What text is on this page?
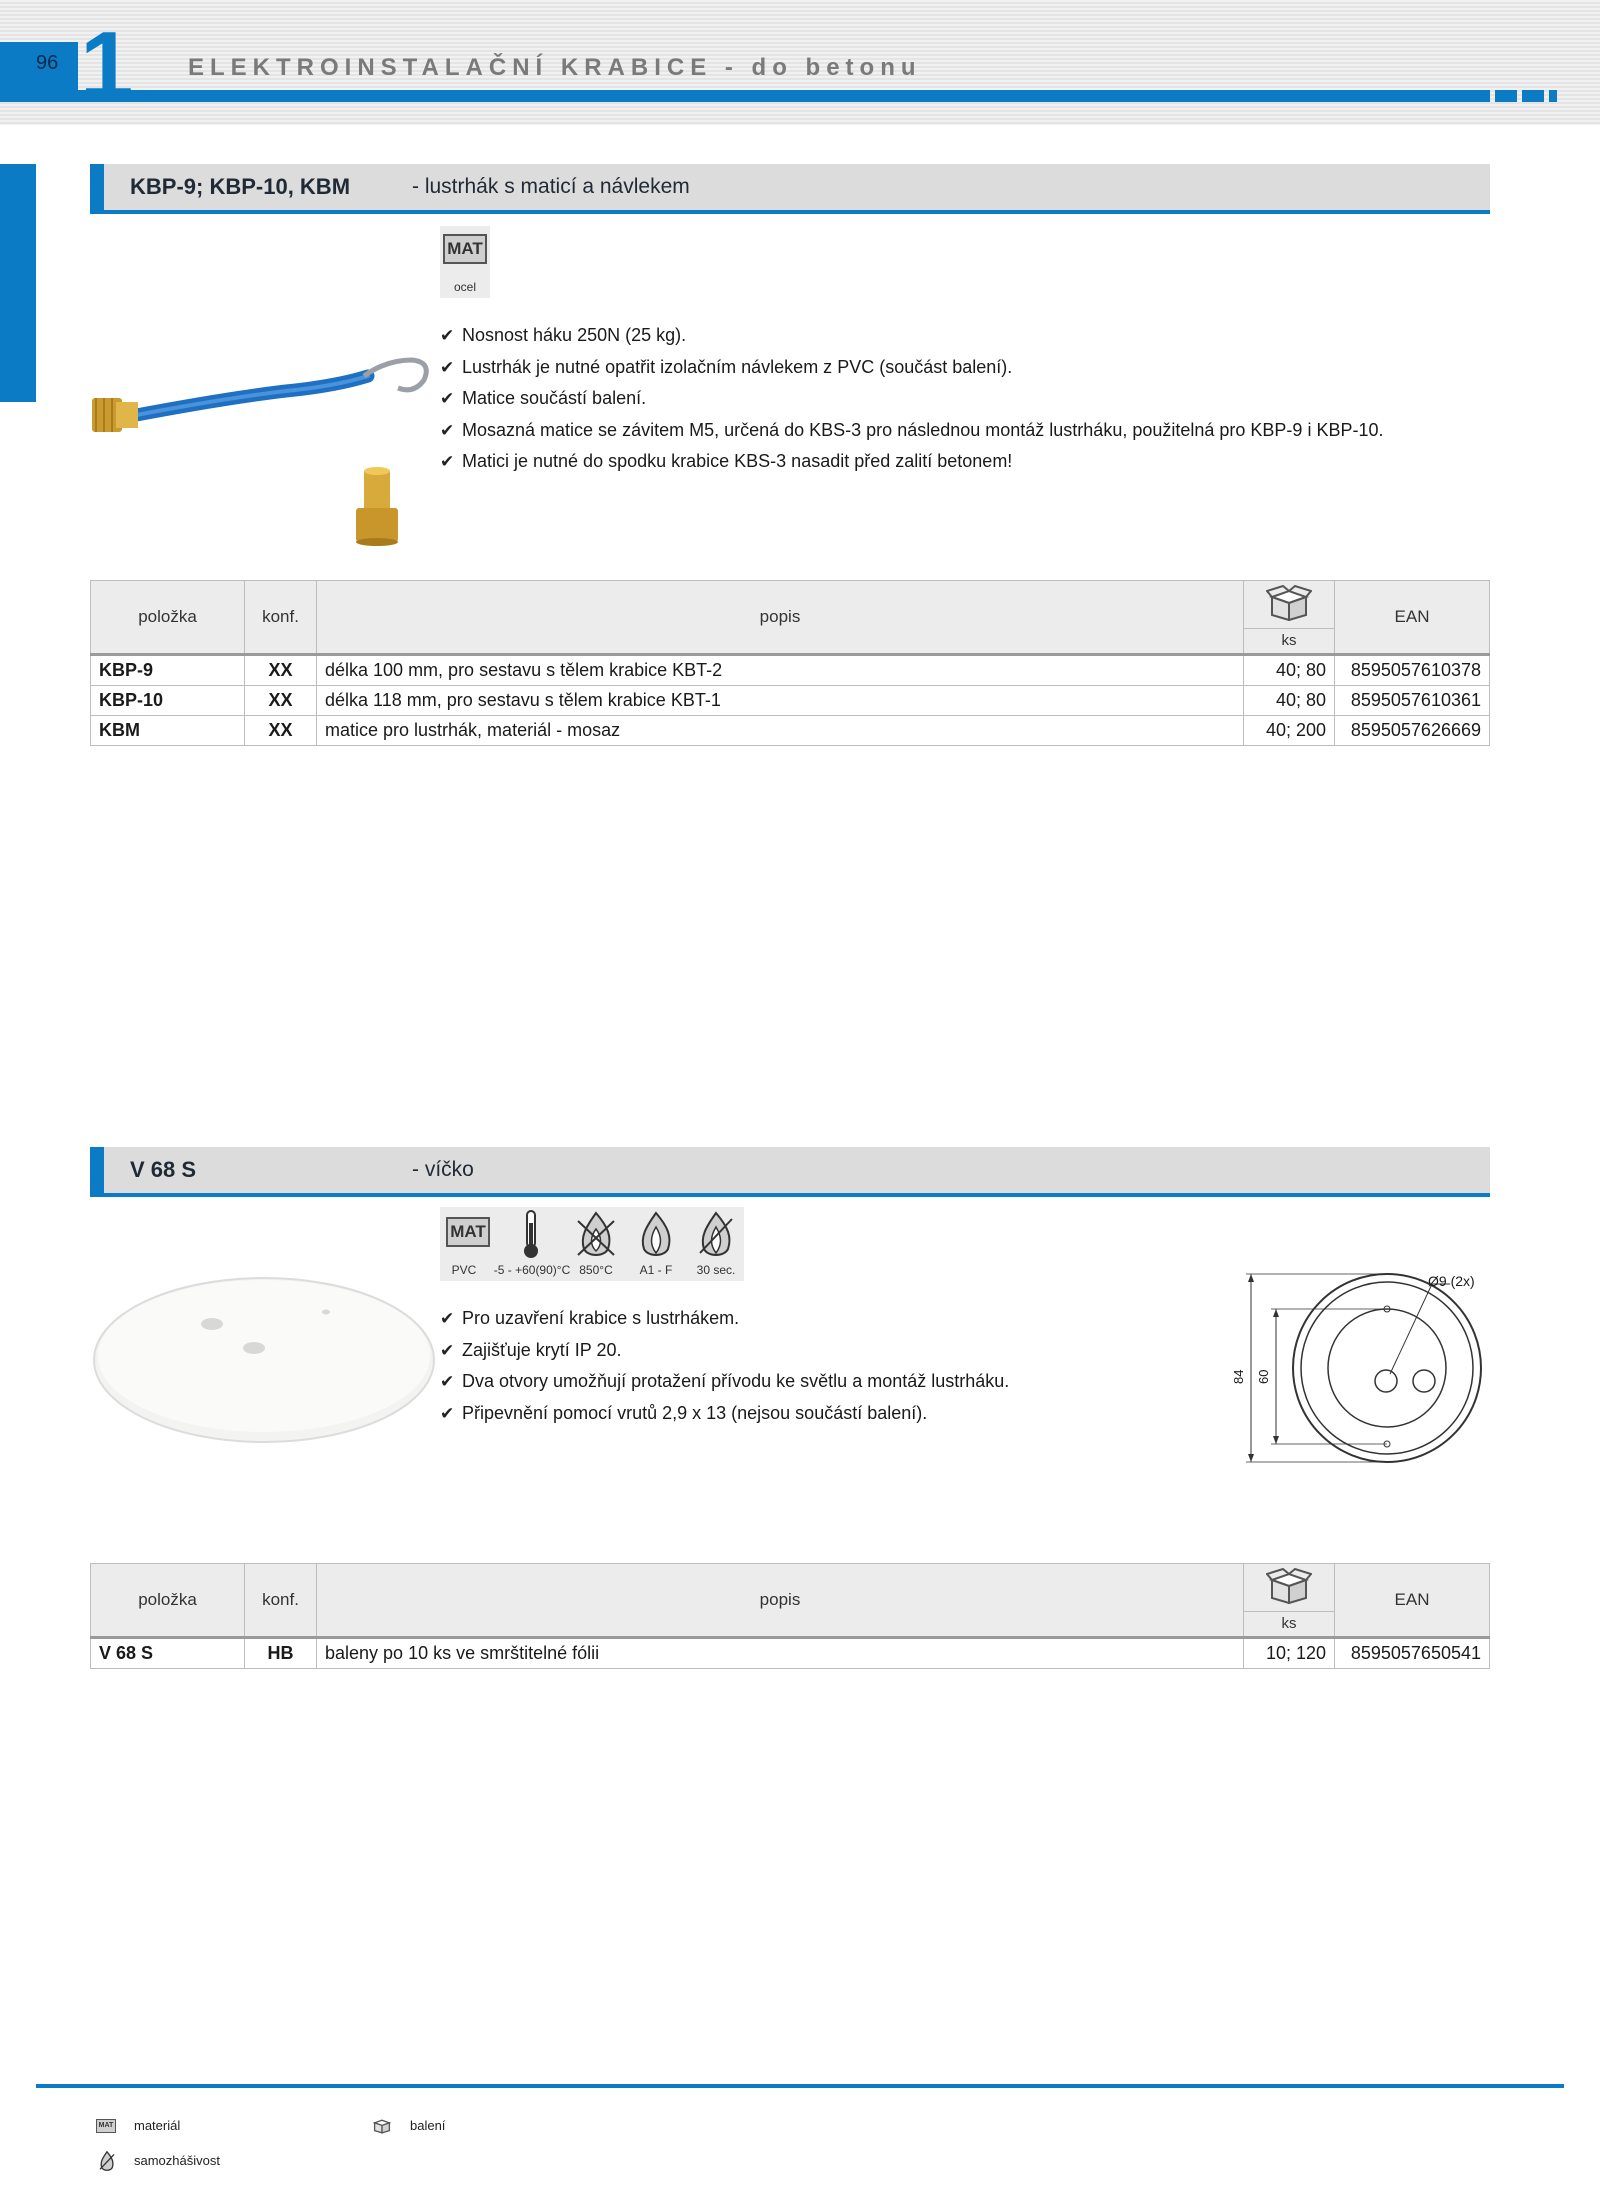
96 1 ELEKTROINSTALAČNÍ KRABICE - do betonu
KBP-9; KBP-10, KBM	- lustrhák s maticí a návlekem
MAT
ocel
✔ Nosnost háku 250N (25 kg).
✔ Lustrhák je nutné opatřit izolačním návlekem z PVC (součást balení).
✔ Matice součástí balení.
✔ Mosazná matice se závitem M5, určená do KBS-3 pro následnou montáž lustrháku, použitelná pro KBP-9 i KBP-10.
✔ Matici je nutné do spodku krabice KBS-3 nasadit před zalití betonem!
položka	konf.	popis		EAN
			ks	
KBP-9	XX	délka 100 mm, pro sestavu s tělem krabice KBT-2	40; 80	8595057610378
KBP-10	XX	délka 118 mm, pro sestavu s tělem krabice KBT-1	40; 80	8595057610361
KBM	XX	matice pro lustrhák, materiál - mosaz	40; 200	8595057626669
V 68 S	- víčko
MAT
PVC	-5 - +60(90)°C 850°C	A1 - F	30 sec.
✔ Pro uzavření krabice s lustrhákem.
✔ Zajišťuje krytí IP 20.
✔ Dva otvory umožňují protažení přívodu ke světlu a montáž lustrháku.
✔ Připevnění pomocí vrutů 2,9 x 13 (nejsou součástí balení).
Ø9 (2x)
84 60
položka	konf.	popis		EAN
			ks	
V 68 S	HB	baleny po 10 ks ve smrštitelné fólii	10; 120	8595057650541
MAT materiál	balení
samozhášivost
